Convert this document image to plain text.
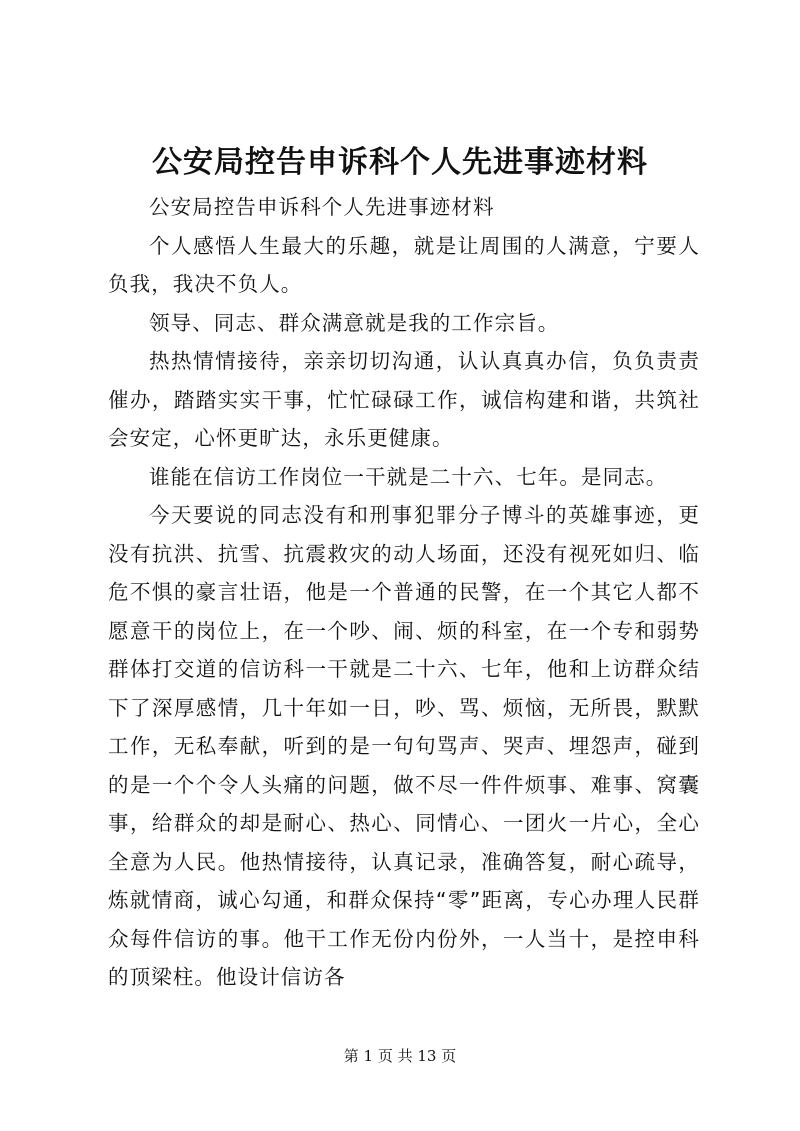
公安局控告申诉科个人先进事迹材料

公安局控告申诉科个人先进事迹材料

个人感悟人生最大的乐趣，就是让周围的人满意，宁要人负我，我决不负人。

领导、同志、群众满意就是我的工作宗旨。

热热情情接待，亲亲切切沟通，认认真真办信，负负责责催办，踏踏实实干事，忙忙碌碌工作，诚信构建和谐，共筑社会安定，心怀更旷达，永乐更健康。

谁能在信访工作岗位一干就是二十六、七年。是同志。

今天要说的同志没有和刑事犯罪分子博斗的英雄事迹，更没有抗洪、抗雪、抗震救灾的动人场面，还没有视死如归、临危不惧的豪言壮语，他是一个普通的民警，在一个其它人都不愿意干的岗位上，在一个吵、闹、烦的科室，在一个专和弱势群体打交道的信访科一干就是二十六、七年，他和上访群众结下了深厚感情，几十年如一日，吵、骂、烦恼，无所畏，默默工作，无私奉献，听到的是一句句骂声、哭声、埋怨声，碰到的是一个个令人头痛的问题，做不尽一件件烦事、难事、窝囊事，给群众的却是耐心、热心、同情心、一团火一片心，全心全意为人民。他热情接待，认真记录，准确答复，耐心疏导，炼就情商，诚心勾通，和群众保持“零”距离，专心办理人民群众每件信访的事。他干工作无份内份外，一人当十，是控申科的顶梁柱。他设计信访各

第 1 页 共 13 页
